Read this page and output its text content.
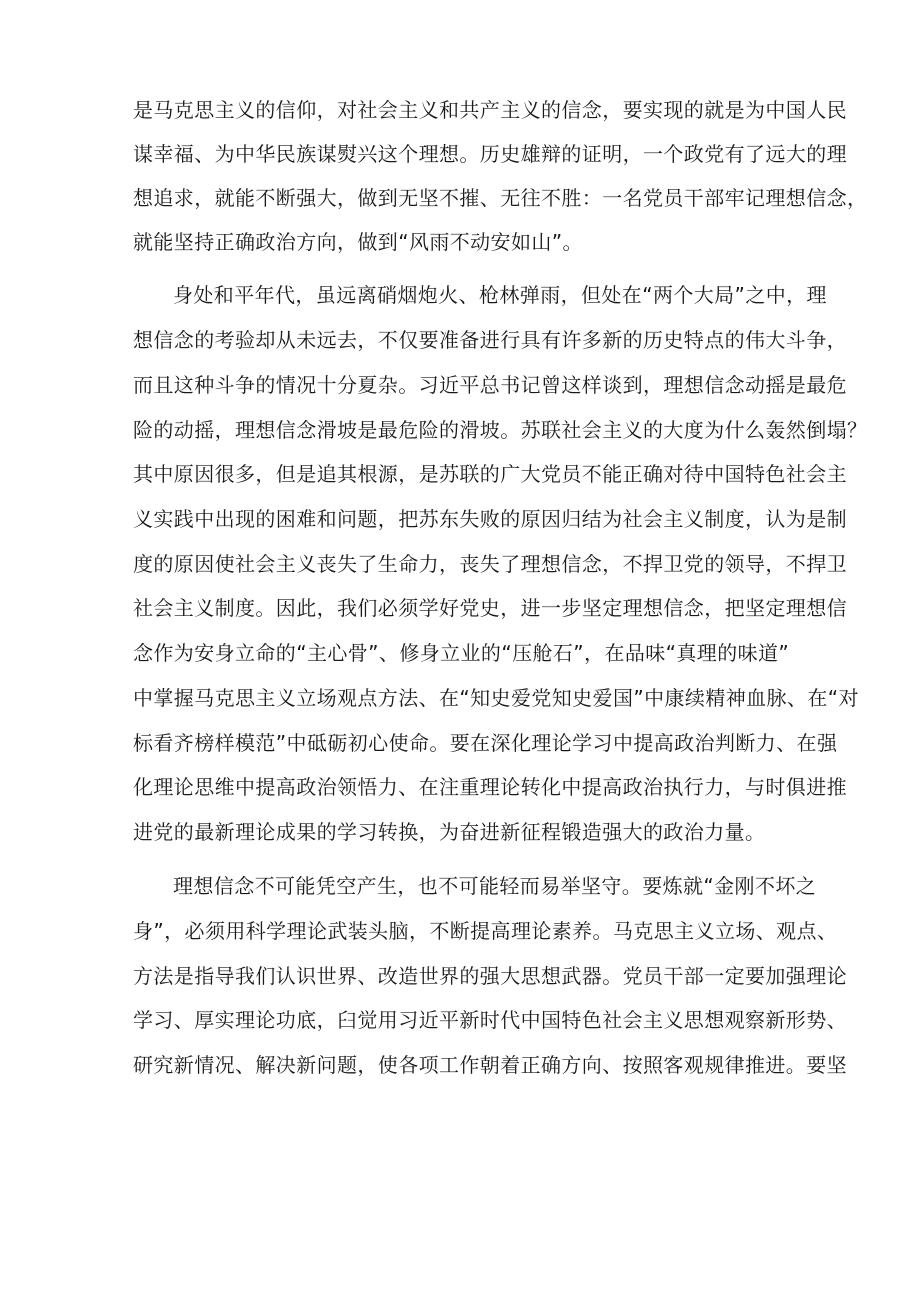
是马克思主义的信仰，对社会主义和共产主义的信念，要实现的就是为中国人民
谋幸福、为中华民族谋熨兴这个理想。历史雄辩的证明，一个政党有了远大的理
想追求，就能不断强大，做到无坚不摧、无往不胜：一名党员干部牢记理想信念，
就能坚持正确政治方向，做到“风雨不动安如山”。
身处和平年代，虽远离硝烟炮火、枪林弹雨，但处在“两个大局”之中，理
想信念的考验却从未远去，不仅要准备进行具有许多新的历史特点的伟大斗争，
而且这种斗争的情况十分夏杂。习近平总书记曾这样谈到，理想信念动摇是最危
险的动摇，理想信念滑坡是最危险的滑坡。苏联社会主义的大度为什么轰然倒塌？
其中原因很多，但是追其根源，是苏联的广大党员不能正确对待中国特色社会主
义实践中出现的困难和问题，把苏东失败的原因归结为社会主义制度，认为是制
度的原因使社会主义丧失了生命力，丧失了理想信念，不捍卫党的领导，不捍卫
社会主义制度。因此，我们必须学好党史，进一步坚定理想信念，把坚定理想信
念作为安身立命的“主心骨”、修身立业的“压舱石”，在品味“真理的味道”
中掌握马克思主义立场观点方法、在“知史爱党知史爱国”中康续精神血脉、在“对
标看齐榜样模范”中砥砺初心使命。要在深化理论学习中提高政治判断力、在强
化理论思维中提高政治领悟力、在注重理论转化中提高政治执行力，与时俱进推
进党的最新理论成果的学习转换，为奋进新征程锻造强大的政治力量。
理想信念不可能凭空产生，也不可能轻而易举坚守。要炼就“金刚不坏之
身”，必须用科学理论武装头脑，不断提高理论素养。马克思主义立场、观点、
方法是指导我们认识世界、改造世界的强大思想武器。党员干部一定要加强理论
学习、厚实理论功底，臼觉用习近平新时代中国特色社会主义思想观察新形势、
研究新情况、解决新问题，使各项工作朝着正确方向、按照客观规律推进。要坚
